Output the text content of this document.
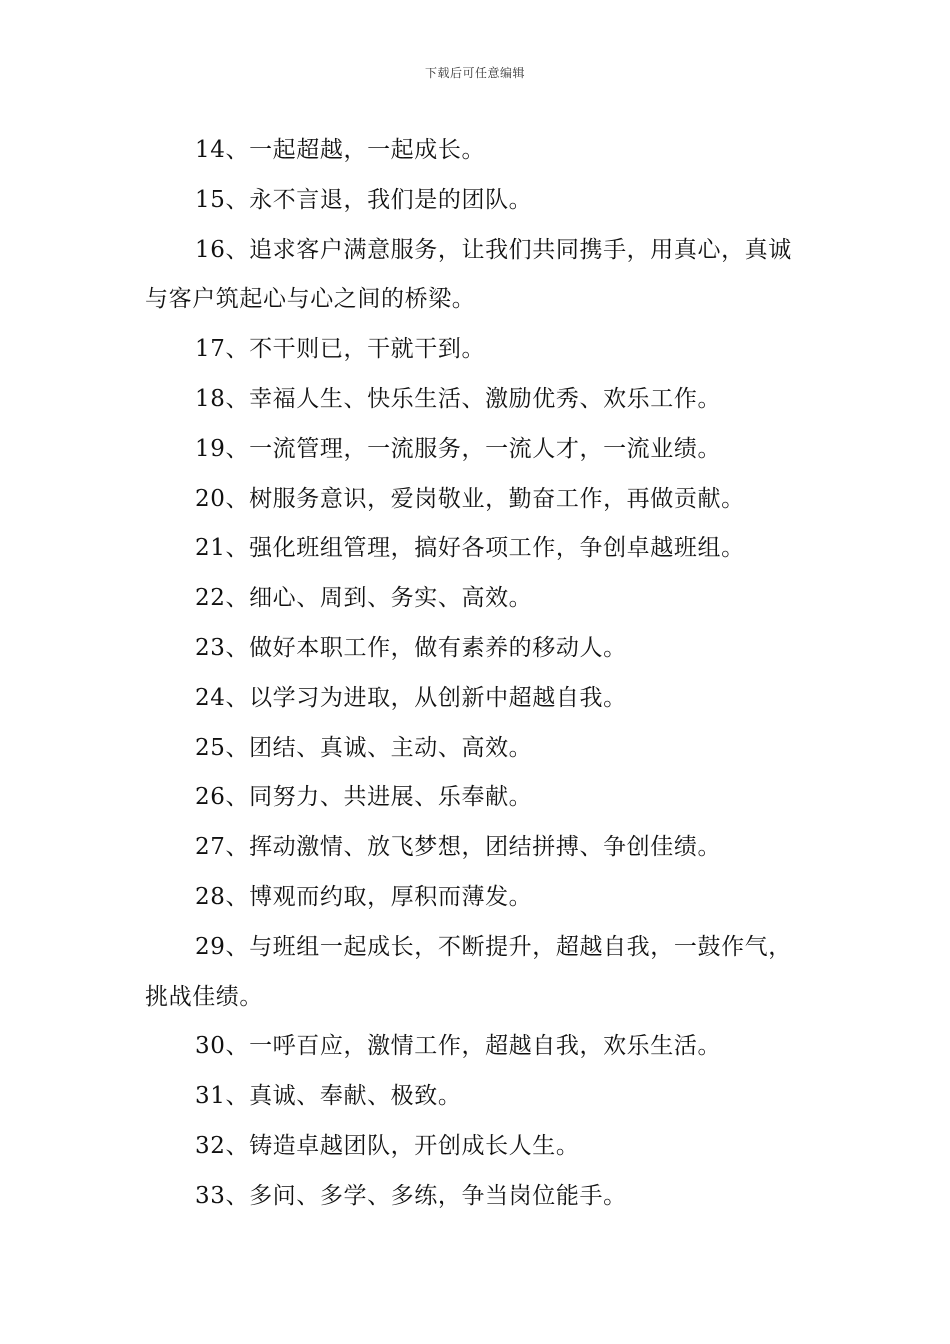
下载后可任意编辑

14、一起超越，一起成长。

15、永不言退，我们是的团队。

16、追求客户满意服务，让我们共同携手，用真心，真诚与客户筑起心与心之间的桥梁。

17、不干则已，干就干到。

18、幸福人生、快乐生活、激励优秀、欢乐工作。

19、一流管理，一流服务，一流人才，一流业绩。

20、树服务意识，爱岗敬业，勤奋工作，再做贡献。

21、强化班组管理，搞好各项工作，争创卓越班组。

22、细心、周到、务实、高效。

23、做好本职工作，做有素养的移动人。

24、以学习为进取，从创新中超越自我。

25、团结、真诚、主动、高效。

26、同努力、共进展、乐奉献。

27、挥动激情、放飞梦想，团结拼搏、争创佳绩。

28、博观而约取，厚积而薄发。

29、与班组一起成长，不断提升，超越自我，一鼓作气，挑战佳绩。

30、一呼百应，激情工作，超越自我，欢乐生活。

31、真诚、奉献、极致。

32、铸造卓越团队，开创成长人生。

33、多问、多学、多练，争当岗位能手。
